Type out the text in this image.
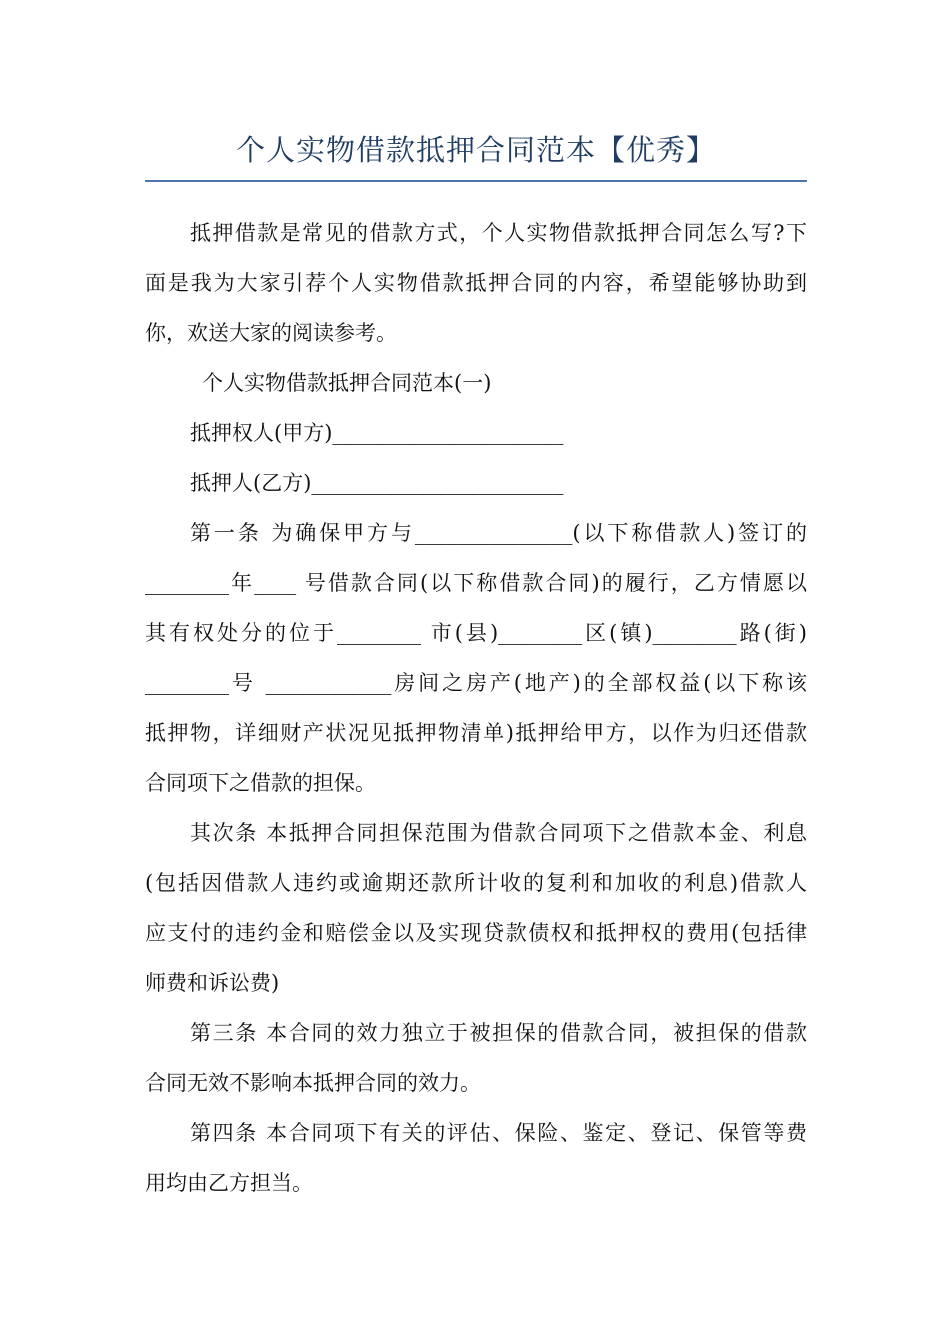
个人实物借款抵押合同范本【优秀】
抵押借款是常见的借款方式，个人实物借款抵押合同怎么写?下
面是我为大家引荐个人实物借款抵押合同的内容，希望能够协助到
你，欢送大家的阅读参考。
个人实物借款抵押合同范本(一)
抵押权人(甲方)______________________
抵押人(乙方)________________________
第一条 为确保甲方与_______________(以下称借款人)签订的
________年____ 号借款合同(以下称借款合同)的履行，乙方情愿以
其有权处分的位于________ 市(县)________区(镇)________路(街)
________号 ____________房间之房产(地产)的全部权益(以下称该
抵押物，详细财产状况见抵押物清单)抵押给甲方，以作为归还借款
合同项下之借款的担保。
其次条 本抵押合同担保范围为借款合同项下之借款本金、利息
(包括因借款人违约或逾期还款所计收的复利和加收的利息)借款人
应支付的违约金和赔偿金以及实现贷款债权和抵押权的费用(包括律
师费和诉讼费)
第三条 本合同的效力独立于被担保的借款合同，被担保的借款
合同无效不影响本抵押合同的效力。
第四条 本合同项下有关的评估、保险、鉴定、登记、保管等费
用均由乙方担当。
